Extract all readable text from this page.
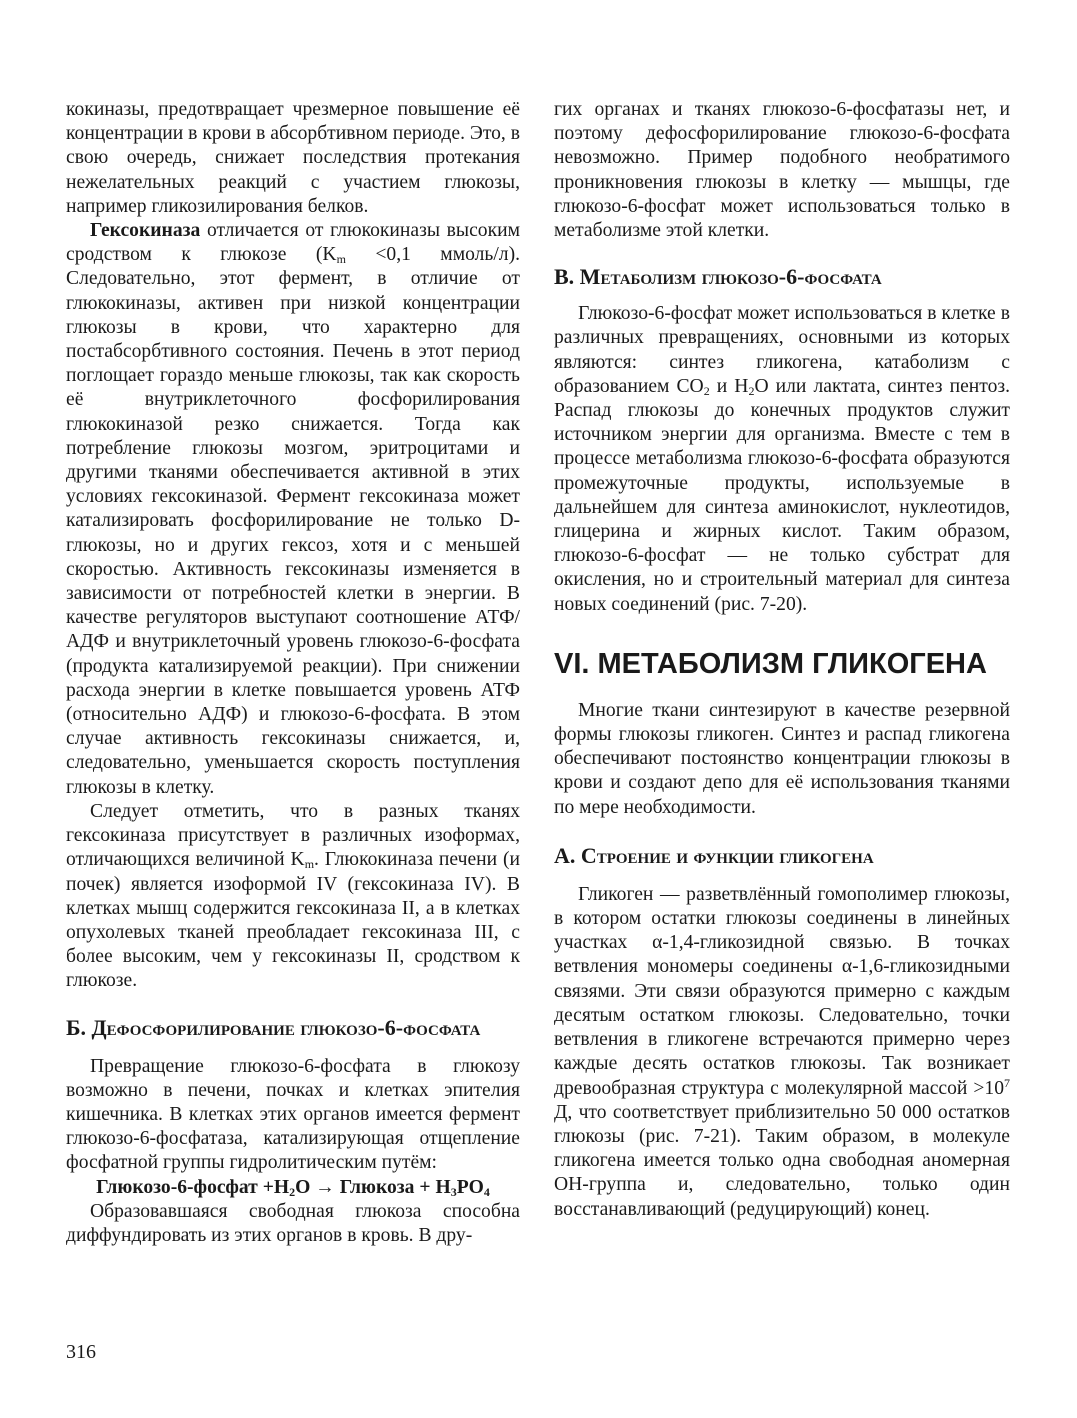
кокиназы, предотвращает чрезмерное повышение её концентрации в крови в абсорбтивном периоде. Это, в свою очередь, снижает последствия протекания нежелательных реакций с участием глюкозы, например гликозилирования белков.

Гексокиназа отличается от глюкокиназы высоким сродством к глюкозе ($K_m <0,1$ ммоль/л). Следовательно, этот фермент, в отличие от глюкокиназы, активен при низкой концентрации глюкозы в крови, что характерно для постабсорбтивного состояния. Печень в этот период поглощает гораздо меньше глюкозы, так как скорость её внутриклеточного фосфорилирования глюкокиназой резко снижается. Тогда как потребление глюкозы мозгом, эритроцитами и другими тканями обеспечивается активной в этих условиях гексокиназой. Фермент гексокиназа может катализировать фосфорилирование не только D-глюкозы, но и других гексоз, хотя и с меньшей скоростью. Активность гексокиназы изменяется в зависимости от потребностей клетки в энергии. В качестве регуляторов выступают соотношение АТФ/АДФ и внутриклеточный уровень глюкозо-6-фосфата (продукта катализируемой реакции). При снижении расхода энергии в клетке повышается уровень АТФ (относительно АДФ) и глюкозо-6-фосфата. В этом случае активность гексокиназы снижается, и, следовательно, уменьшается скорость поступления глюкозы в клетку.

Следует отметить, что в разных тканях гексокиназа присутствует в различных изоформах, отличающихся величиной $K_m$. Глюкокиназа печени (и почек) является изоформой IV (гексокиназа IV). В клетках мышц содержится гексокиназа II, а в клетках опухолевых тканей преобладает гексокиназа III, с более высоким, чем у гексокиназы II, сродством к глюкозе.

Б. Дефосфорилирование глюкозо-6-фосфата

Превращение глюкозо-6-фосфата в глюкозу возможно в печени, почках и клетках эпителия кишечника. В клетках этих органов имеется фермент глюкозо-6-фосфатаза, катализирующая отщепление фосфатной группы гидролитическим путём:

Глюкозо-6-фосфат $+H_2O$ → Глюкоза + $H_3PO_4$

Образовавшаяся свободная глюкоза способна диффундировать из этих органов в кровь. В дру-

гих органах и тканях глюкозо-6-фосфатазы нет, и поэтому дефосфорилирование глюкозо-6-фосфата невозможно. Пример подобного необратимого проникновения глюкозы в клетку — мышцы, где глюкозо-6-фосфат может использоваться только в метаболизме этой клетки.

В. Метаболизм глюкозо-6-фосфата

Глюкозо-6-фосфат может использоваться в клетке в различных превращениях, основными из которых являются: синтез гликогена, катаболизм с образованием $CO_2$ и $H_2O$ или лактата, синтез пентоз. Распад глюкозы до конечных продуктов служит источником энергии для организма. Вместе с тем в процессе метаболизма глюкозо-6-фосфата образуются промежуточные продукты, используемые в дальнейшем для синтеза аминокислот, нуклеотидов, глицерина и жирных кислот. Таким образом, глюкозо-6-фосфат — не только субстрат для окисления, но и строительный материал для синтеза новых соединений (рис. 7-20).

VI. МЕТАБОЛИЗМ ГЛИКОГЕНА

Многие ткани синтезируют в качестве резервной формы глюкозы гликоген. Синтез и распад гликогена обеспечивают постоянство концентрации глюкозы в крови и создают депо для её использования тканями по мере необходимости.

А. Строение и функции гликогена

Гликоген — разветвлённый гомополимер глюкозы, в котором остатки глюкозы соединены в линейных участках α-1,4-гликозидной связью. В точках ветвления мономеры соединены α-1,6-гликозидными связями. Эти связи образуются примерно с каждым десятым остатком глюкозы. Следовательно, точки ветвления в гликогене встречаются примерно через каждые десять остатков глюкозы. Так возникает древообразная структура с молекулярной массой $>10^7$ Д, что соответствует приблизительно 50 000 остатков глюкозы (рис. 7-21). Таким образом, в молекуле гликогена имеется только одна свободная аномерная OH-группа и, следовательно, только один восстанавливающий (редуцирующий) конец.

316
